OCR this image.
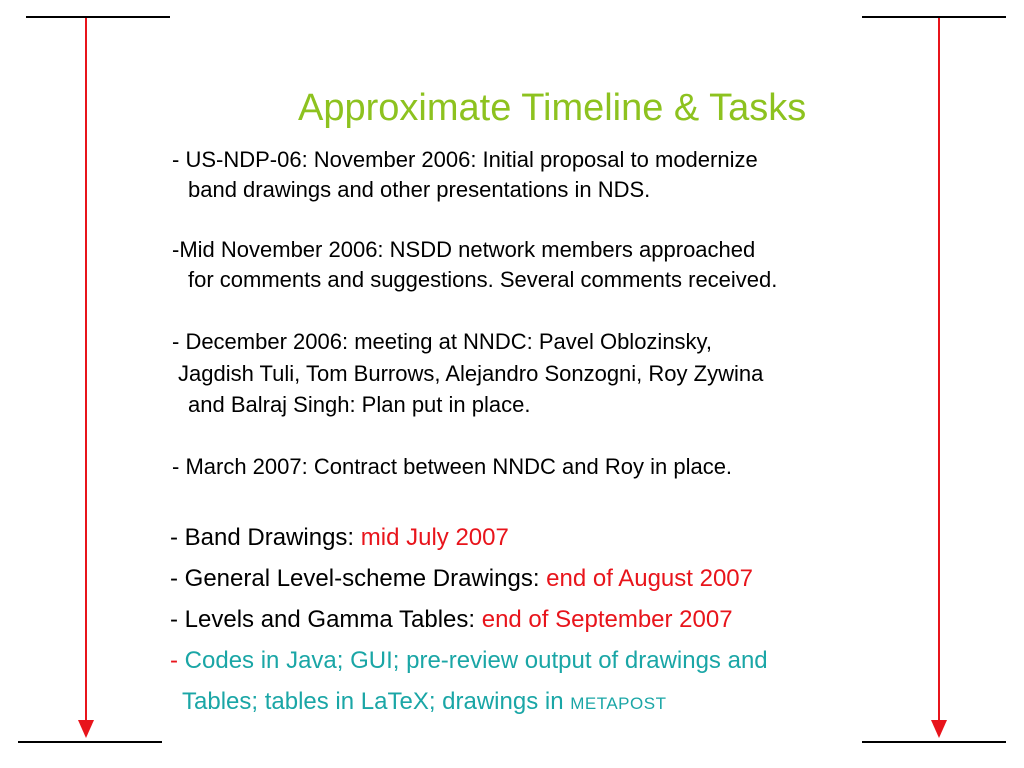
Approximate Timeline & Tasks
- US-NDP-06: November 2006: Initial proposal to modernize
band drawings and other presentations in NDS.
-Mid November 2006: NSDD network members approached
for comments and suggestions. Several comments received.
- December 2006: meeting at NNDC: Pavel Oblozinsky,
Jagdish Tuli, Tom Burrows, Alejandro Sonzogni, Roy Zywina
and Balraj Singh: Plan put in place.
- March 2007: Contract between NNDC and Roy in place.
- Band Drawings: mid July 2007
- General Level-scheme Drawings: end of August 2007
- Levels and Gamma Tables: end of September 2007
- Codes in Java; GUI; pre-review output of drawings and
Tables; tables in LaTeX; drawings in METAPOST
